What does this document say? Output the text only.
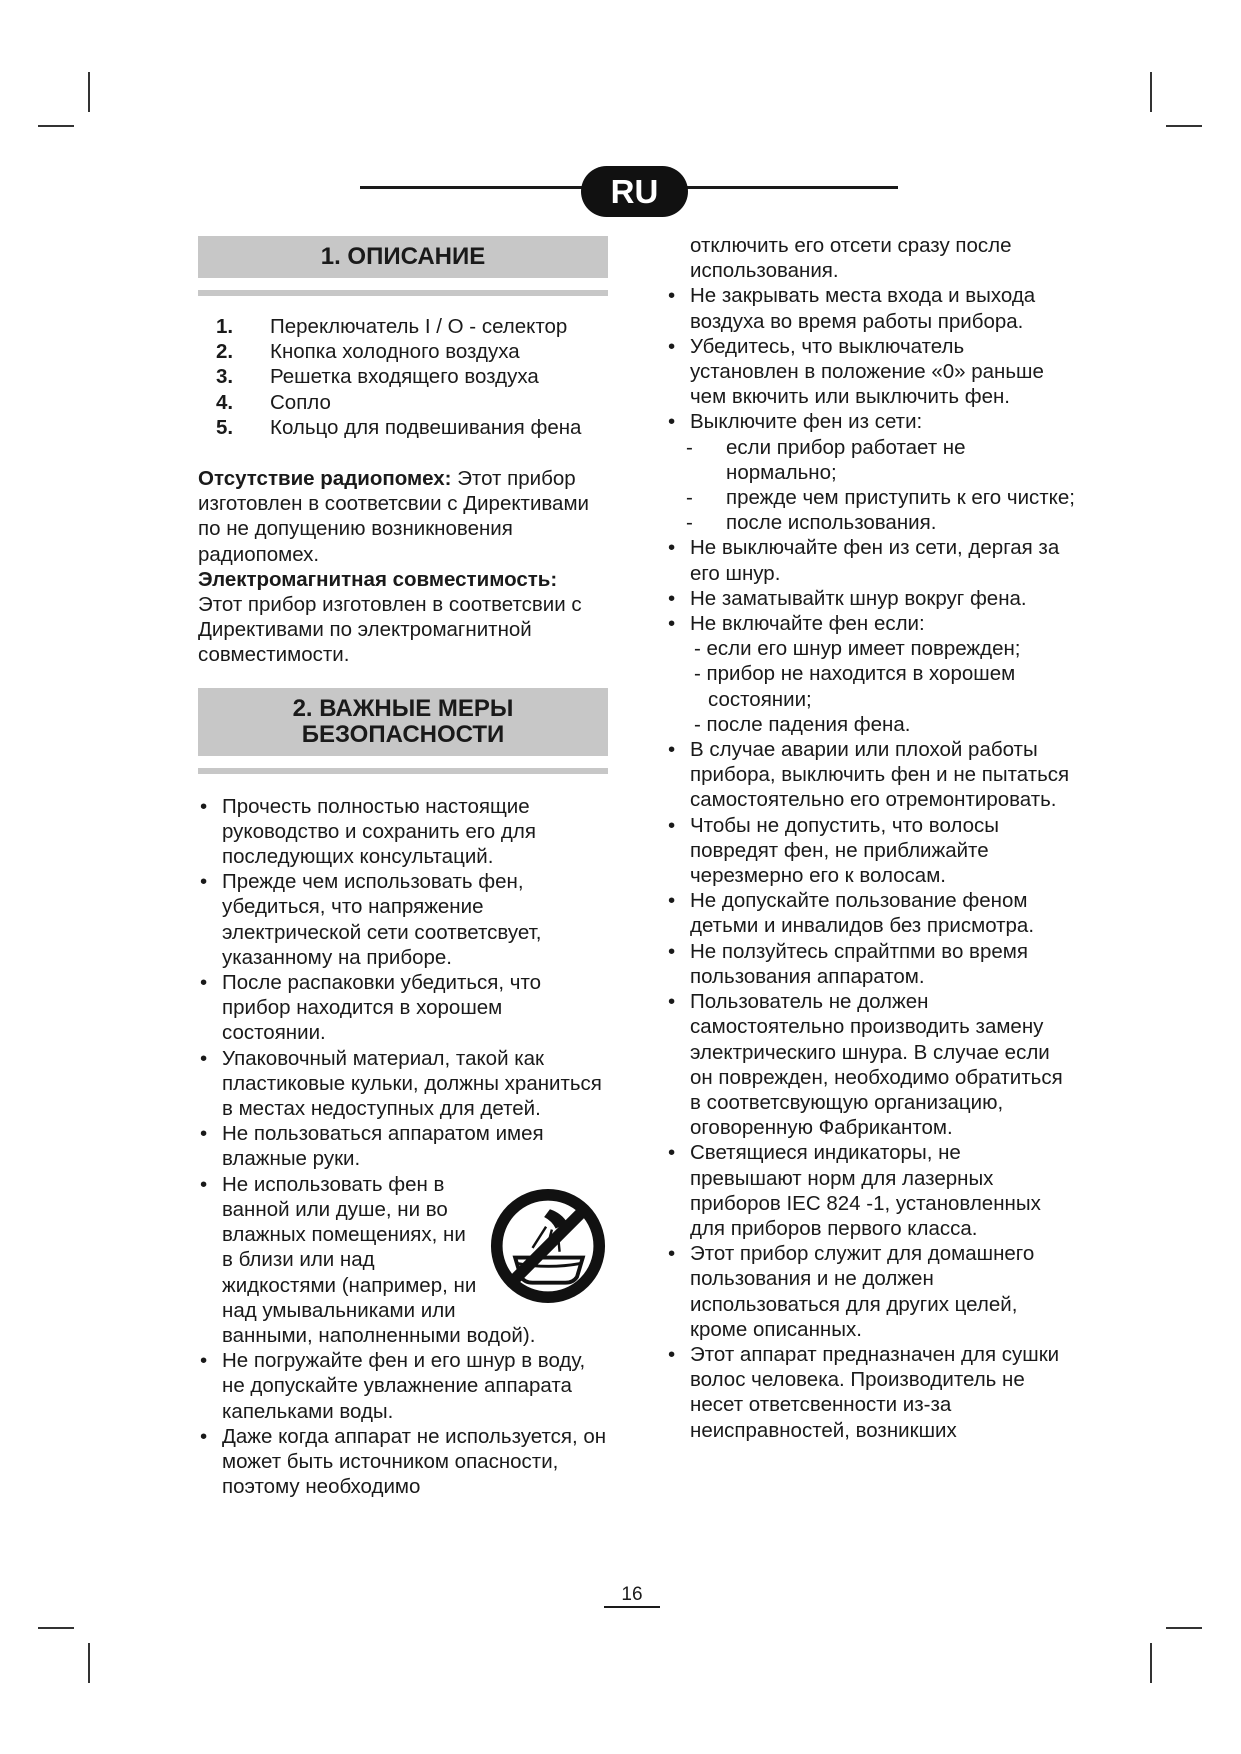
RU
1. ОПИСАНИЕ
1.	Переключатель I / O - селектор
2.	Кнопка холодного воздуха
3.	Решетка входящего воздуха
4.	Сопло
5.	Кольцо для подвешивания фена
Отсутствие радиопомех: Этот прибор изготовлен в соответсвии с Директивами по не допущению возникновения радиопомех.
Электромагнитная совместимость:
Этот прибор изготовлен в соответсвии с Директивами по электромагнитной совместимости.
2. ВАЖНЫЕ МЕРЫ
БЕЗОПАСНОСТИ
• Прочесть полностью настоящие руководство и сохранить его для последующих консультаций.
• Прежде чем использовать фен, убедиться, что напряжение электрической сети соответсвует, указанному на приборе.
• После распаковки убедиться, что прибор находится в хорошем состоянии.
• Упаковочный материал, такой как пластиковые кульки, должны храниться в местах недоступных для детей.
• Не пользоваться аппаратом имея влажные руки.
• Не использовать фен в ванной или душе, ни во влажных помещениях, ни в близи или над жидкостями (например, ни над умывальниками или ванными, наполненными водой).
• Не погружайте фен и его шнур в воду, не допускайте увлажнение аппарата капельками воды.
• Даже когда аппарат не используется, он может быть источником опасности, поэтому необходимо
отключить его отсети сразу после использования.
• Не закрывать места входа и выхода воздуха во время работы прибора.
• Убедитесь, что выключатель установлен в положение «0» раньше чем вкючить или выключить фен.
• Выключите фен из сети:
- если прибор работает не нормально;
- прежде чем приступить к его чистке;
- после использования.
• Не выключайте фен из сети, дергая за его шнур.
• Не заматывайтк шнур вокруг фена.
• Не включайте фен если:
- если его шнур имеет поврежден;
- прибор не находится в хорошем состоянии;
- после падения фена.
• В случае аварии или плохой работы прибора, выключить фен и не пытаться самостоятельно его отремонтировать.
• Чтобы не допустить, что волосы повредят фен, не приближайте черезмерно его к волосам.
• Не допускайте пользование феном детьми и инвалидов без присмотра.
• Не ползуйтесь спрайтпми во время пользования аппаратом.
• Пользователь не должен самостоятельно производить замену электрическиго шнура. В случае если он поврежден, необходимо обратиться в соответсвующую организацию, оговоренную Фабрикантом.
• Светящиеся индикаторы, не превышают норм для лазерных приборов IEC 824 -1, установленных для приборов первого класса.
• Этот прибор служит для домашнего пользования и не должен использоваться для других целей, кроме описанных.
• Этот аппарат предназначен для сушки волос человека. Производитель не несет ответсвенности из-за неисправностей, возникших
16
